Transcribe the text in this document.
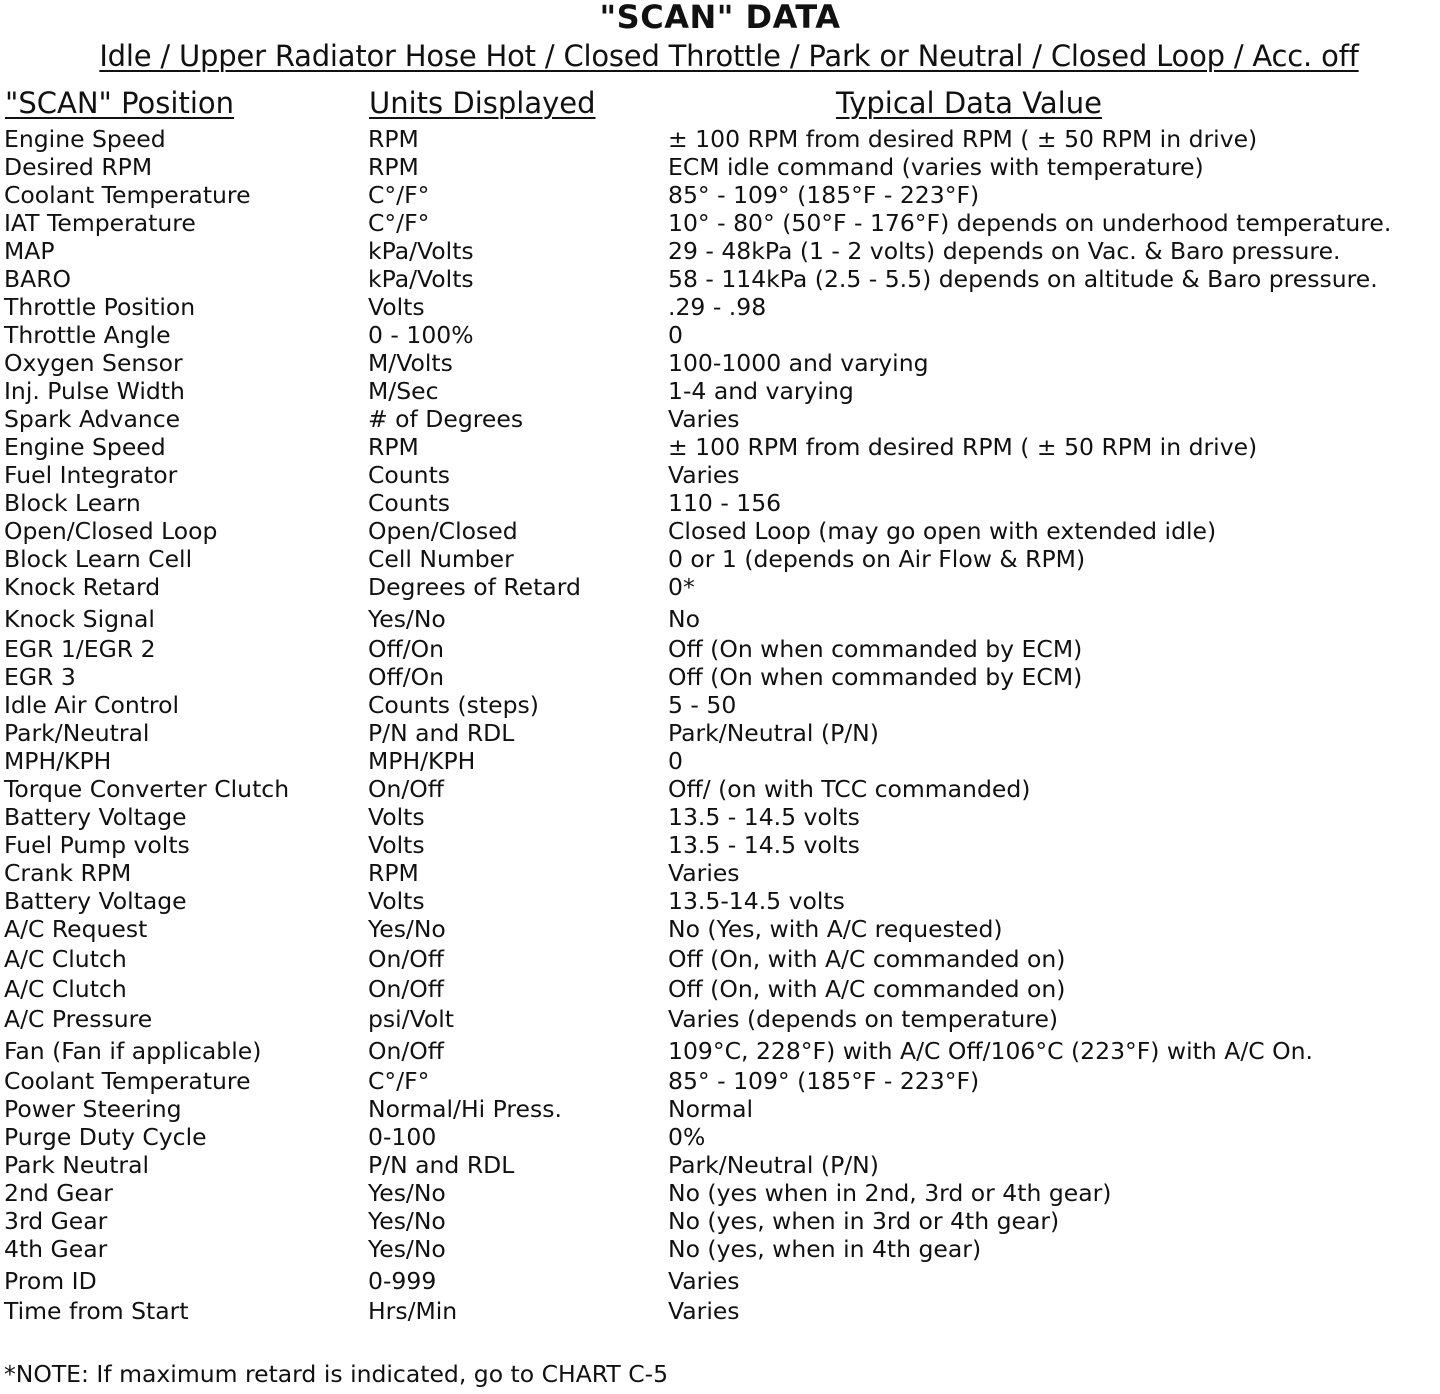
"SCAN" DATA
Idle / Upper Radiator Hose Hot / Closed Throttle / Park or Neutral / Closed Loop / Acc. off
"SCAN" Position	Units Displayed	Typical Data Value
Engine Speed	RPM	± 100 RPM from desired RPM ( ± 50 RPM in drive)
Desired RPM	RPM	ECM idle command (varies with temperature)
Coolant Temperature	C°/F°	85° - 109° (185°F - 223°F)
IAT Temperature	C°/F°	10° - 80° (50°F - 176°F) depends on underhood temperature.
MAP	kPa/Volts	29 - 48kPa (1 - 2 volts) depends on Vac. & Baro pressure.
BARO	kPa/Volts	58 - 114kPa (2.5 - 5.5) depends on altitude & Baro pressure.
Throttle Position	Volts	.29 - .98
Throttle Angle	0 - 100%	0
Oxygen Sensor	M/Volts	100-1000 and varying
Inj. Pulse Width	M/Sec	1-4 and varying
Spark Advance	# of Degrees	Varies
Engine Speed	RPM	± 100 RPM from desired RPM ( ± 50 RPM in drive)
Fuel Integrator	Counts	Varies
Block Learn	Counts	110 - 156
Open/Closed Loop	Open/Closed	Closed Loop (may go open with extended idle)
Block Learn Cell	Cell Number	0 or 1 (depends on Air Flow & RPM)
Knock Retard	Degrees of Retard	0*
Knock Signal	Yes/No	No
EGR 1/EGR 2	Off/On	Off (On when commanded by ECM)
EGR 3	Off/On	Off (On when commanded by ECM)
Idle Air Control	Counts (steps)	5 - 50
Park/Neutral	P/N and RDL	Park/Neutral (P/N)
MPH/KPH	MPH/KPH	0
Torque Converter Clutch	On/Off	Off/ (on with TCC commanded)
Battery Voltage	Volts	13.5 - 14.5 volts
Fuel Pump volts	Volts	13.5 - 14.5 volts
Crank RPM	RPM	Varies
Battery Voltage	Volts	13.5-14.5 volts
A/C Request	Yes/No	No (Yes, with A/C requested)
A/C Clutch	On/Off	Off (On, with A/C commanded on)
A/C Clutch	On/Off	Off (On, with A/C commanded on)
A/C Pressure	psi/Volt	Varies (depends on temperature)
Fan (Fan if applicable)	On/Off	109°C, 228°F) with A/C Off/106°C (223°F) with A/C On.
Coolant Temperature	C°/F°	85° - 109° (185°F - 223°F)
Power Steering	Normal/Hi Press.	Normal
Purge Duty Cycle	0-100	0%
Park Neutral	P/N and RDL	Park/Neutral (P/N)
2nd Gear	Yes/No	No (yes when in 2nd, 3rd or 4th gear)
3rd Gear	Yes/No	No (yes, when in 3rd or 4th gear)
4th Gear	Yes/No	No (yes, when in 4th gear)
Prom ID	0-999	Varies
Time from Start	Hrs/Min	Varies
*NOTE: If maximum retard is indicated, go to CHART C-5
